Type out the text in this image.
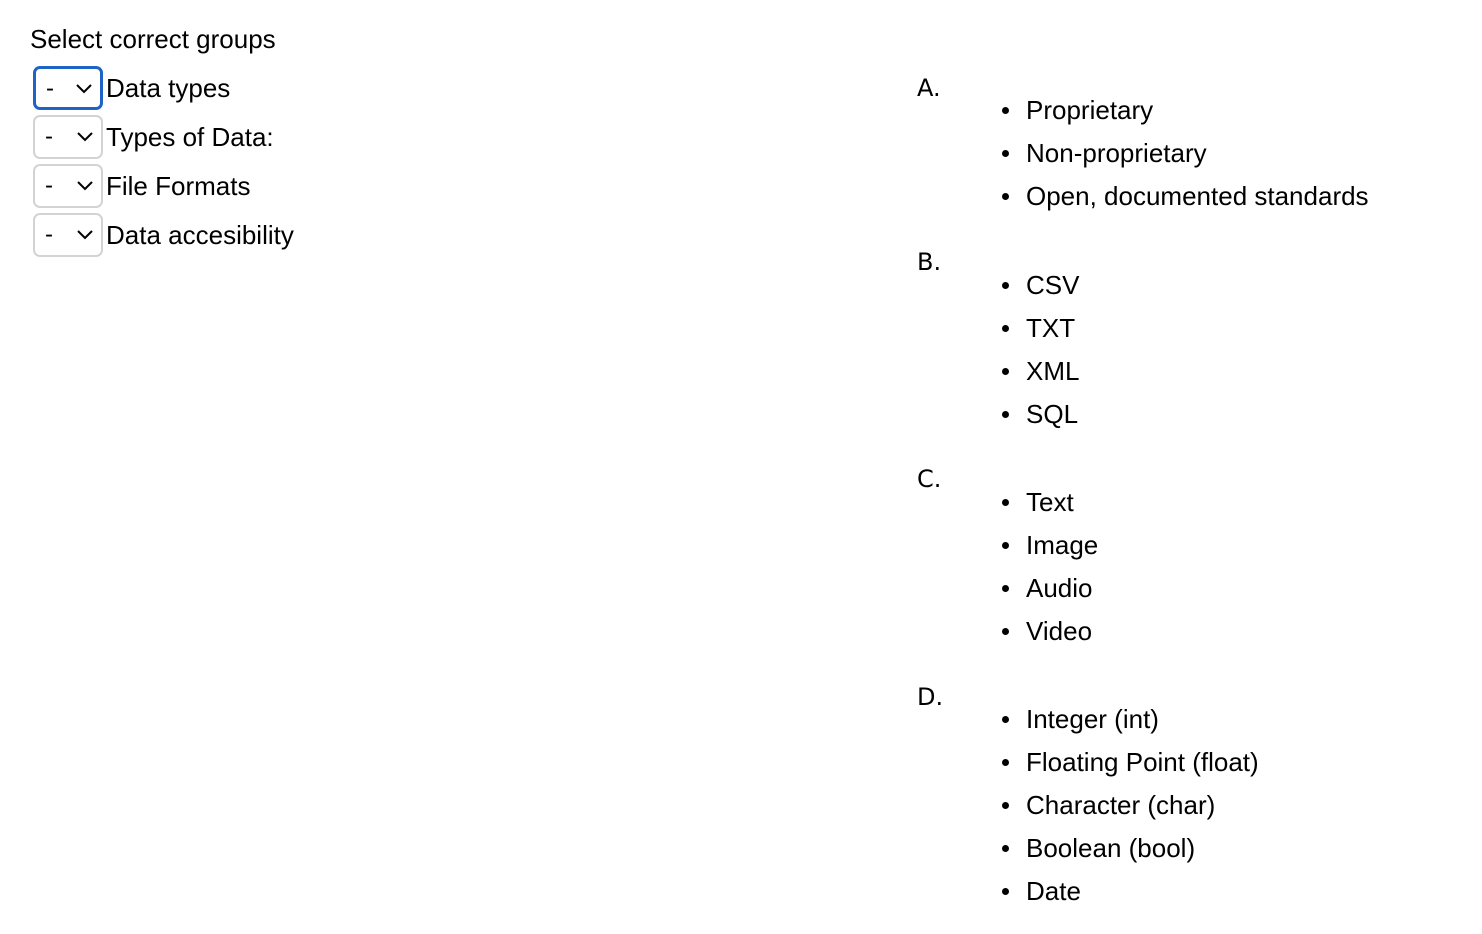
Select correct groups
- Data types
- Types of Data:
- File Formats
- Data accesibility
A.
Proprietary
Non-proprietary
Open, documented standards
B.
CSV
TXT
XML
SQL
C.
Text
Image
Audio
Video
D.
Integer (int)
Floating Point (float)
Character (char)
Boolean (bool)
Date
